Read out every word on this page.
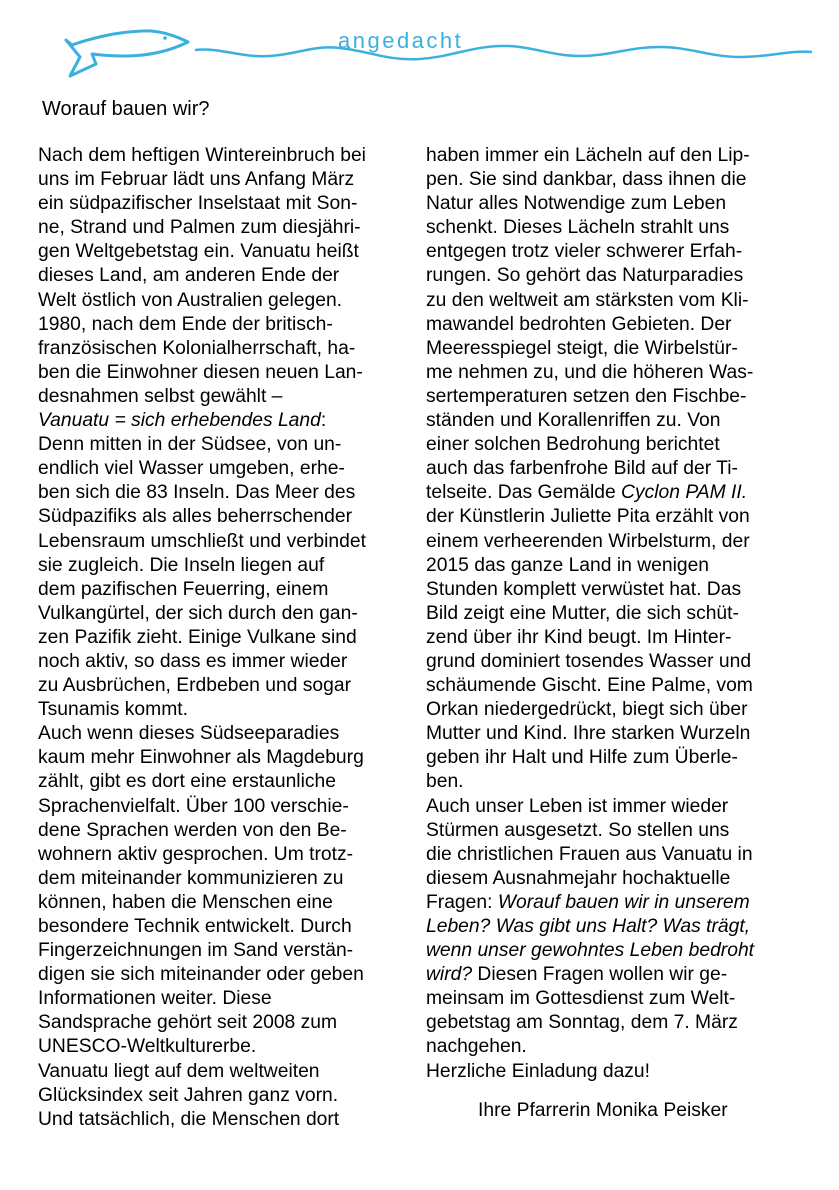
angedacht
Worauf bauen wir?
Nach dem heftigen Wintereinbruch bei
uns im Februar lädt uns Anfang März
ein südpazifischer Inselstaat mit Son-
ne, Strand und Palmen zum diesjähri-
gen Weltgebetstag ein. Vanuatu heißt
dieses Land, am anderen Ende der
Welt östlich von Australien gelegen.
1980, nach dem Ende der britisch-
französischen Kolonialherrschaft, ha-
ben die Einwohner diesen neuen Lan-
desnahmen selbst gewählt –
Vanuatu = sich erhebendes Land:
Denn mitten in der Südsee, von un-
endlich viel Wasser umgeben, erhe-
ben sich die 83 Inseln. Das Meer des
Südpazifiks als alles beherrschender
Lebensraum umschließt und verbindet
sie zugleich. Die Inseln liegen auf
dem pazifischen Feuerring, einem
Vulkangürtel, der sich durch den gan-
zen Pazifik zieht. Einige Vulkane sind
noch aktiv, so dass es immer wieder
zu Ausbrüchen, Erdbeben und sogar
Tsunamis kommt.
Auch wenn dieses Südseeparadies
kaum mehr Einwohner als Magdeburg
zählt, gibt es dort eine erstaunliche
Sprachenvielfalt. Über 100 verschie-
dene Sprachen werden von den Be-
wohnern aktiv gesprochen. Um trotz-
dem miteinander kommunizieren zu
können, haben die Menschen eine
besondere Technik entwickelt. Durch
Fingerzeichnungen im Sand verstän-
digen sie sich miteinander oder geben
Informationen weiter. Diese
Sandsprache gehört seit 2008 zum
UNESCO-Weltkulturerbe.
Vanuatu liegt auf dem weltweiten
Glücksindex seit Jahren ganz vorn.
Und tatsächlich, die Menschen dort
haben immer ein Lächeln auf den Lip-
pen. Sie sind dankbar, dass ihnen die
Natur alles Notwendige zum Leben
schenkt. Dieses Lächeln strahlt uns
entgegen trotz vieler schwerer Erfah-
rungen. So gehört das Naturparadies
zu den weltweit am stärksten vom Kli-
mawandel bedrohten Gebieten. Der
Meeresspiegel steigt, die Wirbelstür-
me nehmen zu, und die höheren Was-
sertemperaturen setzen den Fischbe-
ständen und Korallenriffen zu. Von
einer solchen Bedrohung berichtet
auch das farbenfrohe Bild auf der Ti-
telseite. Das Gemälde Cyclon PAM II.
der Künstlerin Juliette Pita erzählt von
einem verheerenden Wirbelsturm, der
2015 das ganze Land in wenigen
Stunden komplett verwüstet hat. Das
Bild zeigt eine Mutter, die sich schüt-
zend über ihr Kind beugt. Im Hinter-
grund dominiert tosendes Wasser und
schäumende Gischt. Eine Palme, vom
Orkan niedergedrückt, biegt sich über
Mutter und Kind. Ihre starken Wurzeln
geben ihr Halt und Hilfe zum Überle-
ben.
Auch unser Leben ist immer wieder
Stürmen ausgesetzt. So stellen uns
die christlichen Frauen aus Vanuatu in
diesem Ausnahmejahr hochaktuelle
Fragen: Worauf bauen wir in unserem
Leben? Was gibt uns Halt? Was trägt,
wenn unser gewohntes Leben bedroht
wird? Diesen Fragen wollen wir ge-
meinsam im Gottesdienst zum Welt-
gebetstag am Sonntag, dem 7. März
nachgehen.
Herzliche Einladung dazu!
Ihre Pfarrerin Monika Peisker
